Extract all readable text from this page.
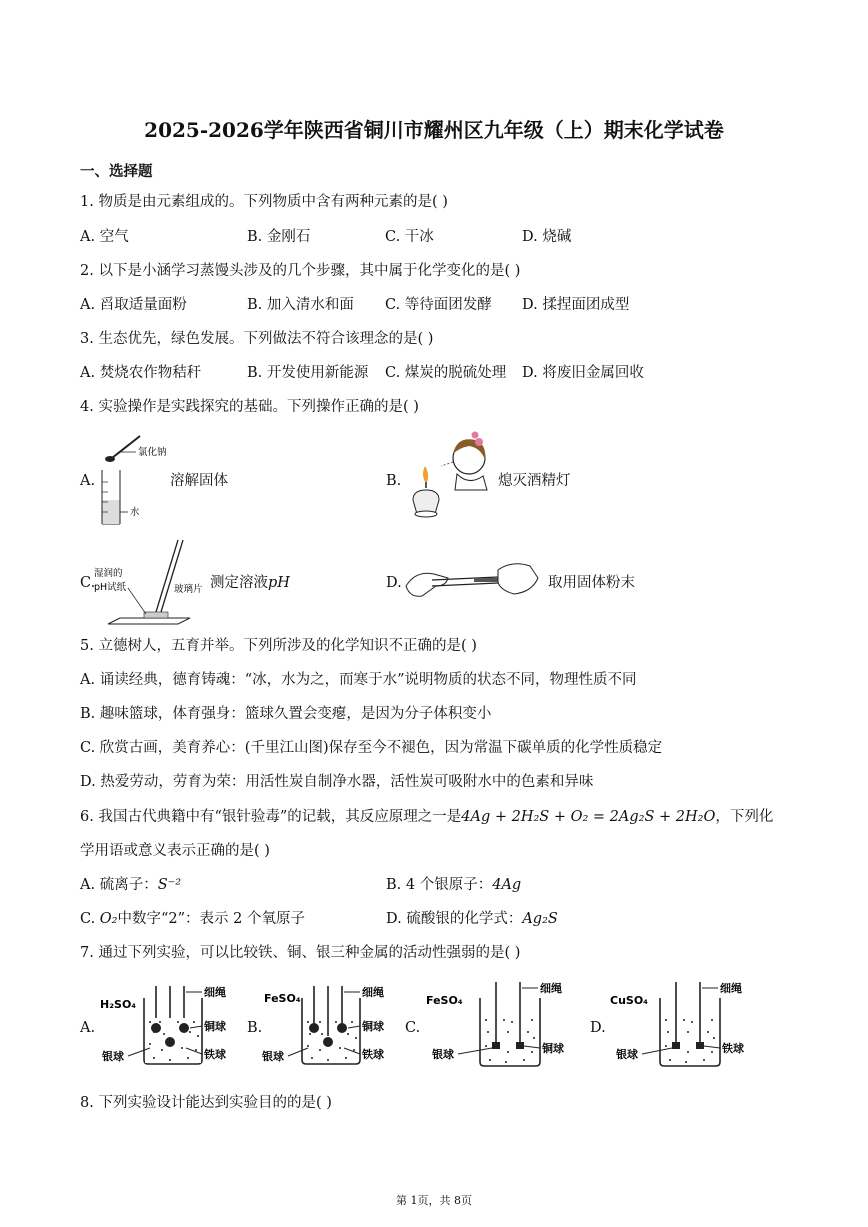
2025-2026学年陕西省铜川市耀州区九年级（上）期末化学试卷
一、选择题
1. 物质是由元素组成的。下列物质中含有两种元素的是( )
A. 空气	B. 金刚石	C. 干冰	D. 烧碱
2. 以下是小涵学习蒸馒头涉及的几个步骤，其中属于化学变化的是( )
A. 舀取适量面粉	B. 加入清水和面 C. 等待面团发酵 D. 揉捏面团成型
3. 生态优先，绿色发展。下列做法不符合该理念的是( )
A. 焚烧农作物秸秆	B. 开发使用新能源 C. 煤炭的脱硫处理 D. 将废旧金属回收
4. 实验操作是实践探究的基础。下列操作正确的是( )
A.
氯化钠
水
溶解固体	B.	熄灭酒精灯
C.
湿润的
pH试纸	玻璃片 测定溶液pH	D.	取用固体粉末
5. 立德树人，五育并举。下列所涉及的化学知识不正确的是( )
A. 诵读经典，德育铸魂：“冰，水为之，而寒于水”说明物质的状态不同，物理性质不同
B. 趣味篮球，体育强身：篮球久置会变瘪，是因为分子体积变小
C. 欣赏古画，美育养心：(千里江山图)保存至今不褪色，因为常温下碳单质的化学性质稳定
D. 热爱劳动，劳育为荣：用活性炭自制净水器，活性炭可吸附水中的色素和异味
6. 我国古代典籍中有“银针验毒”的记载，其反应原理之一是4Ag + 2H₂S + O₂ = 2Ag₂S + 2H₂O，下列化
学用语或意义表示正确的是( )
A. 硫离子：S⁻²	B. 4 个银原子：4Ag
C. O₂中数字“2”：表示 2 个氧原子	D. 硫酸银的化学式：Ag₂S
7. 通过下列实验，可以比较铁、铜、银三种金属的活动性强弱的是( )
A.
H₂SO₄
细绳
铜球
银球	铁球
B.
FeSO₄	细绳
铜球
银球	铁球
C.
FeSO₄
细绳
铜球
银球
D.
CuSO₄
细绳
铁球
银球
8. 下列实验设计能达到实验目的的是( )
第 1页，共 8页
